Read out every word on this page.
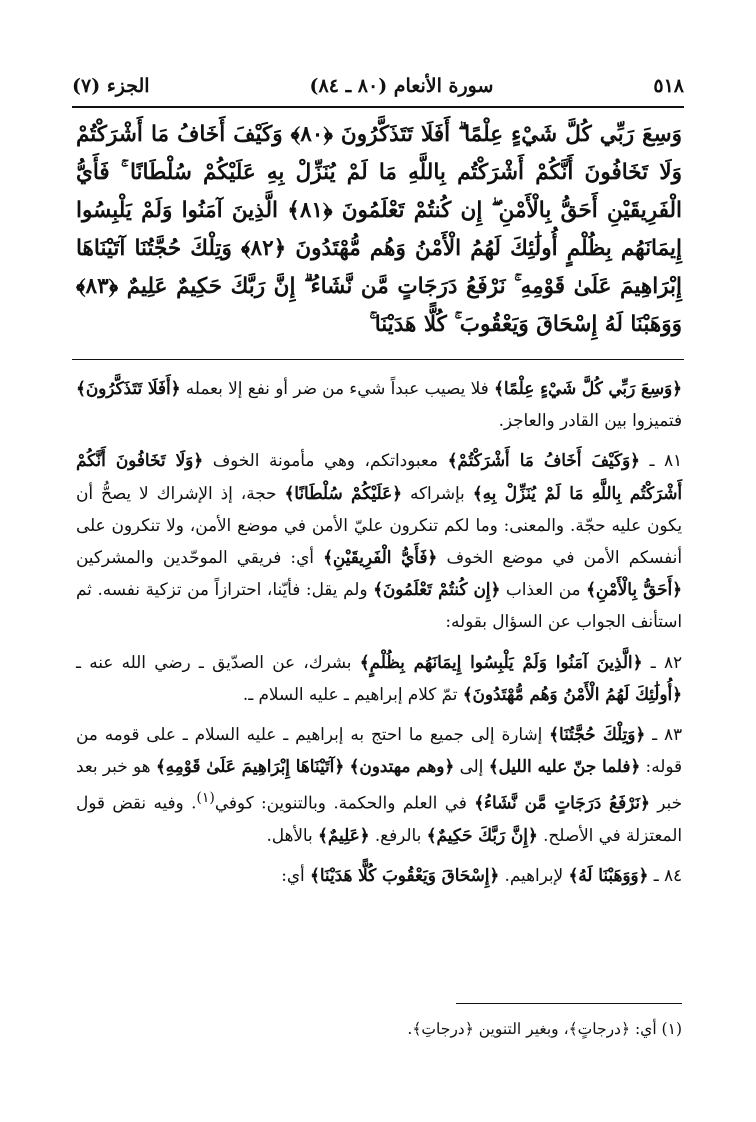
٥١٨
سورة الأنعام (٨٠ ـ ٨٤)
الجزء (٧)
وَسِعَ رَبِّي كُلَّ شَيْءٍ عِلْمًا ۗ أَفَلَا تَتَذَكَّرُونَ ﴿٨٠﴾ وَكَيْفَ أَخَافُ مَا أَشْرَكْتُمْ وَلَا تَخَافُونَ أَنَّكُمْ أَشْرَكْتُم بِاللَّهِ مَا لَمْ يُنَزِّلْ بِهِ عَلَيْكُمْ سُلْطَانًا ۚ فَأَيُّ الْفَرِيقَيْنِ أَحَقُّ بِالْأَمْنِ ۖ إِن كُنتُمْ تَعْلَمُونَ ﴿٨١﴾ الَّذِينَ آمَنُوا وَلَمْ يَلْبِسُوا إِيمَانَهُم بِظُلْمٍ أُولَٰئِكَ لَهُمُ الْأَمْنُ وَهُم مُّهْتَدُونَ ﴿٨٢﴾ وَتِلْكَ حُجَّتُنَا آتَيْنَاهَا إِبْرَاهِيمَ عَلَىٰ قَوْمِهِ ۚ نَرْفَعُ دَرَجَاتٍ مَّن نَّشَاءُ ۗ إِنَّ رَبَّكَ حَكِيمٌ عَلِيمٌ ﴿٨٣﴾ وَوَهَبْنَا لَهُ إِسْحَاقَ وَيَعْقُوبَ ۚ كُلًّا هَدَيْنَا ۚ

﴿وَسِعَ رَبِّي كُلَّ شَيْءٍ عِلْمًا﴾ فلا يصيب عبداً شيء من ضر أو نفع إلا بعمله ﴿أَفَلَا تَتَذَكَّرُونَ﴾ فتميزوا بين القادر والعاجز.

٨١ ـ ﴿وَكَيْفَ أَخَافُ مَا أَشْرَكْتُمْ﴾ معبوداتكم، وهي مأمونة الخوف ﴿وَلَا تَخَافُونَ أَنَّكُمْ أَشْرَكْتُم بِاللَّهِ مَا لَمْ يُنَزِّلْ بِهِ﴾ بإشراكه ﴿عَلَيْكُمْ سُلْطَانًا﴾ حجة، إذ الإشراك لا يصحُّ أن يكون عليه حجّة. والمعنى: وما لكم تنكرون عليّ الأمن في موضع الأمن، ولا تنكرون على أنفسكم الأمن في موضع الخوف ﴿فَأَيُّ الْفَرِيقَيْنِ﴾ أي: فريقي الموحّدين والمشركين ﴿أَحَقُّ بِالْأَمْنِ﴾ من العذاب ﴿إِن كُنتُمْ تَعْلَمُونَ﴾ ولم يقل: فأيّنا، احترازاً من تزكية نفسه. ثم استأنف الجواب عن السؤال بقوله:

٨٢ ـ ﴿الَّذِينَ آمَنُوا وَلَمْ يَلْبِسُوا إِيمَانَهُم بِظُلْمٍ﴾ بشرك، عن الصدّيق ـ رضي الله عنه ـ ﴿أُولَٰئِكَ لَهُمُ الْأَمْنُ وَهُم مُّهْتَدُونَ﴾ تمّ كلام إبراهيم ـ عليه السلام ـ.

٨٣ ـ ﴿وَتِلْكَ حُجَّتُنَا﴾ إشارة إلى جميع ما احتج به إبراهيم ـ عليه السلام ـ على قومه من قوله: ﴿فلما جنّ عليه الليل﴾ إلى ﴿وهم مهتدون﴾ ﴿آتَيْنَاهَا إِبْرَاهِيمَ عَلَىٰ قَوْمِهِ﴾ هو خبر بعد خبر ﴿نَرْفَعُ دَرَجَاتٍ مَّن نَّشَاءُ﴾ في العلم والحكمة. وبالتنوين: كوفي$^{(١)}$. وفيه نقض قول المعتزلة في الأصلح. ﴿إِنَّ رَبَّكَ حَكِيمٌ﴾ بالرفع. ﴿عَلِيمٌ﴾ بالأهل.

٨٤ ـ ﴿وَوَهَبْنَا لَهُ﴾ لإبراهيم. ﴿إِسْحَاقَ وَيَعْقُوبَ كُلًّا هَدَيْنَا﴾ أي:

(١) أي: ﴿درجاتٍ﴾، وبغير التنوين ﴿درجاتِ﴾.
